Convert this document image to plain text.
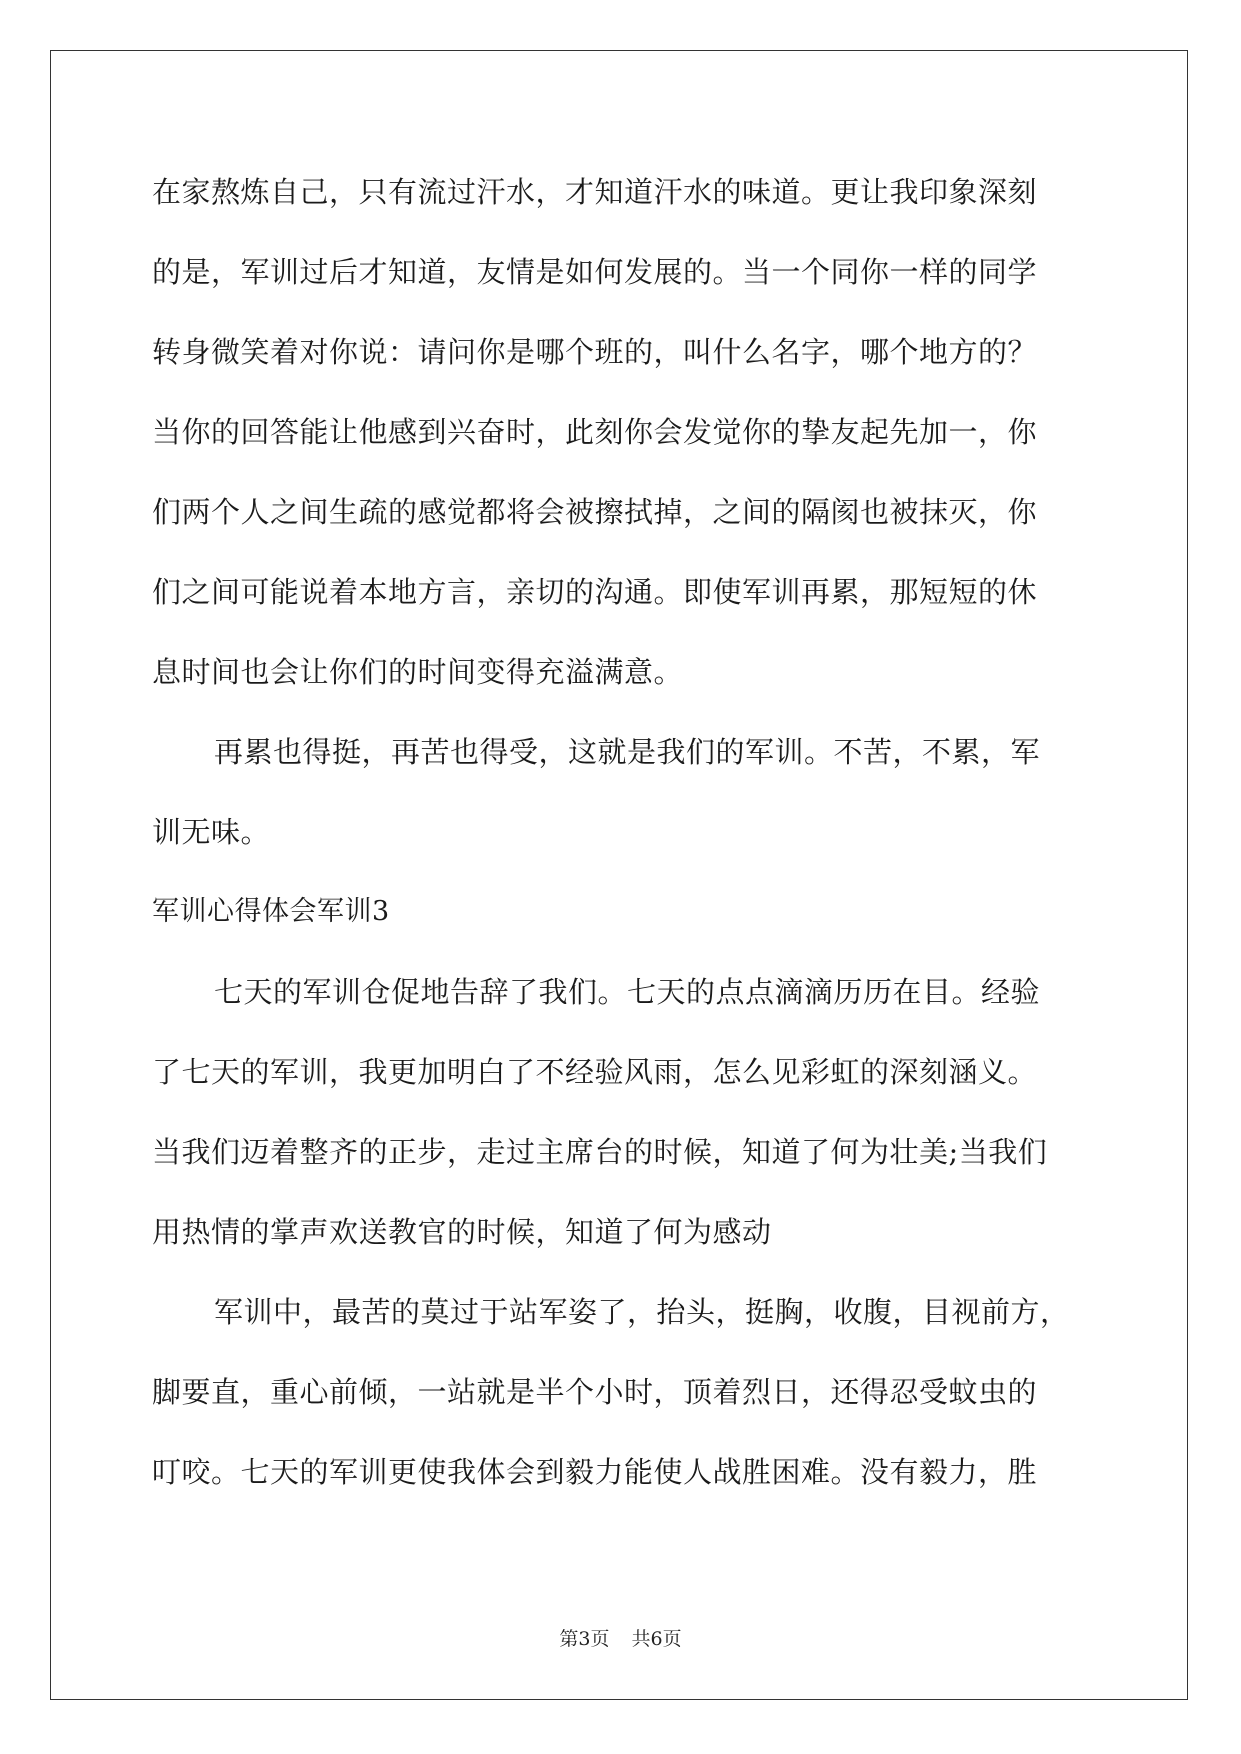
在家熬炼自己，只有流过汗水，才知道汗水的味道。更让我印象深刻
的是，军训过后才知道，友情是如何发展的。当一个同你一样的同学
转身微笑着对你说：请问你是哪个班的，叫什么名字，哪个地方的？
当你的回答能让他感到兴奋时，此刻你会发觉你的挚友起先加一，你
们两个人之间生疏的感觉都将会被擦拭掉，之间的隔阂也被抹灭，你
们之间可能说着本地方言，亲切的沟通。即使军训再累，那短短的休
息时间也会让你们的时间变得充溢满意。
再累也得挺，再苦也得受，这就是我们的军训。不苦，不累，军
训无味。
军训心得体会军训3
七天的军训仓促地告辞了我们。七天的点点滴滴历历在目。经验
了七天的军训，我更加明白了不经验风雨，怎么见彩虹的深刻涵义。
当我们迈着整齐的正步，走过主席台的时候，知道了何为壮美;当我们
用热情的掌声欢送教官的时候，知道了何为感动
军训中，最苦的莫过于站军姿了，抬头，挺胸，收腹，目视前方，
脚要直，重心前倾，一站就是半个小时，顶着烈日，还得忍受蚊虫的
叮咬。七天的军训更使我体会到毅力能使人战胜困难。没有毅力，胜
第3页 共6页
